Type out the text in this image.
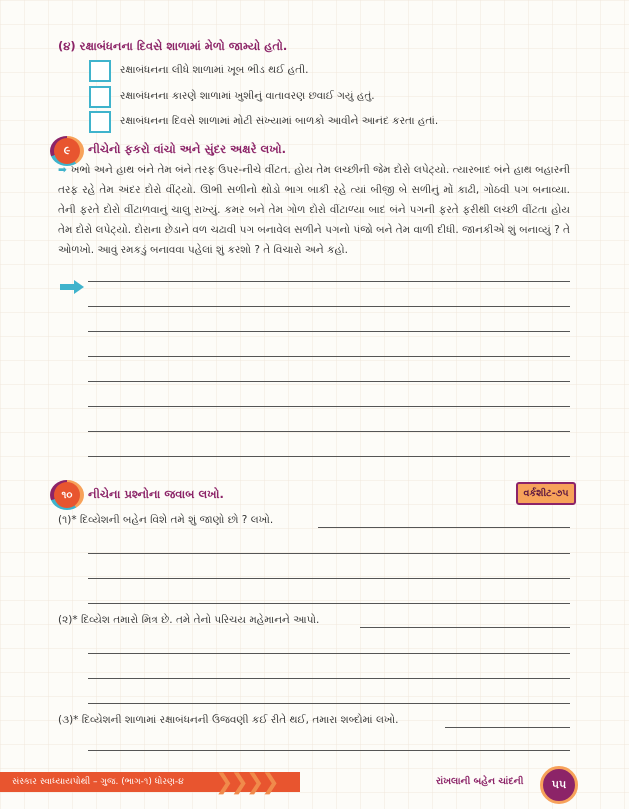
(૪) રક્ષાબંધનના દિવસે શાળામાં મેળો જામ્યો હતો.
રક્ષાબંધનના લીધે શાળામાં ખૂબ ભીડ થઈ હતી.
રક્ષાબંધનના કારણે શાળામાં ખુશીનું વાતાવરણ છવાઈ ગયું હતું.
રક્ષાબંધનના દિવસે શાળામાં મોટી સંખ્યામાં બાળકો આવીને આનંદ કરતા હતાં.
૯	નીચેનો ફકરો વાંચો અને સુંદર અક્ષરે લખો.
➡ ખભો અને હાથ બંને તેમ બંને તરફ ઉપર-નીચે વીંટત. હોય તેમ લચ્છીની જેમ દોરો લપેટ્યો. ત્યારબાદ બંને હાથ બહારની તરફ રહે તેમ અંદર દોરો વીંટ્યો. ઊભી સળીનો થોડો ભાગ બાકી રહે ત્યાં બીજી બે સળીનું મોં કાઢી, ગોઠવી પગ બનાવ્યા. તેની ફરતે દોરો વીંટાળવાનું ચાલુ રાખ્યું. કમર બને તેમ ગોળ દોરો વીંટાળ્યા બાદ બંને પગની ફરતે ફરીથી લચ્છી વીંટતા હોય તેમ દોરો લપેટ્યો. દોરાના છેડાને વળ ચઢાવી પગ બનાવેલ સળીને પગનો પંજો બને તેમ વાળી દીધી. જાનકીએ શું બનાવ્યું ? તે ઓળખો. આવું રમકડું બનાવવા પહેલાં શું કરશો ? તે વિચારો અને કહો.
૧૦	નીચેના પ્રશ્નોના જવાબ લખો.	વર્કશીટ-૭૫
(૧)* દિવ્યેશની બહેન વિશે તમે શું જાણો છો ? લખો.
(૨)* દિવ્યેશ તમારો મિત્ર છે. તમે તેનો પરિચય મહેમાનને આપો.
(૩)* દિવ્યેશની શાળામાં રક્ષાબંધનની ઉજવણી કઈ રીતે થઈ, તમારા શબ્દોમાં લખો.
સંસ્કાર સ્વાધ્યાયપોથી – ગુજ. (ભાગ-૧) ધોરણ-૪	❯❯❯❯	રાંખલાની બહેન ચાંદની	૫૫
